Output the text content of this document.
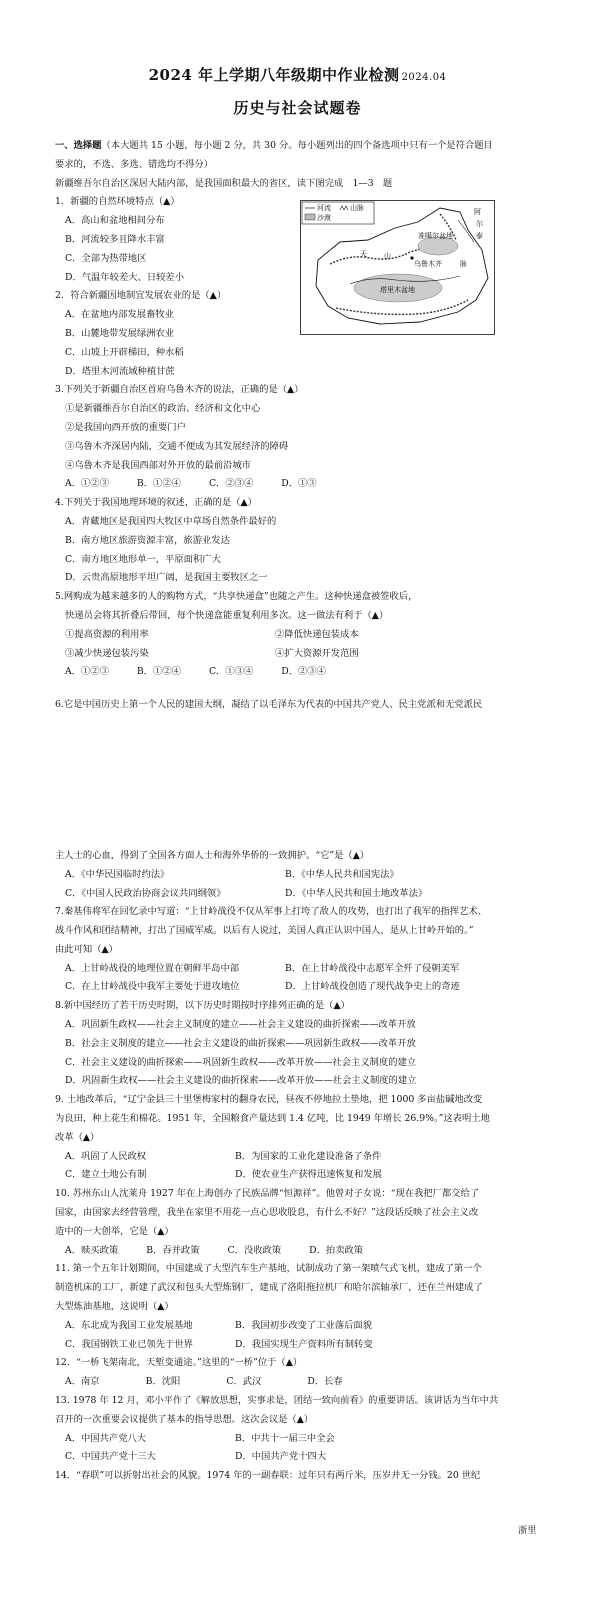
2024 年上学期八年级期中作业检测 2024.04
历史与社会试题卷
河流	山脉
沙漠
阿
尔
泰
准噶尔盆地
天 山
乌鲁木齐	脉
塔里木盆地
一、选择题（本大题共 15 小题，每小题 2 分，共 30 分。每小题列出的四个备选项中只有一个是符合题目
要求的，不选、多选、错选均不得分）
新疆维吾尔自治区深居大陆内部，是我国面积最大的省区，读下图完成　1—3　题
1．新疆的自然环境特点（▲）
A．高山和盆地相间分布
B．河流较多且降水丰富
C．全部为热带地区
D．气温年较差大、日较差小
2．符合新疆因地制宜发展农业的是（▲）
A．在盆地内部发展畜牧业
B．山麓地带发展绿洲农业
C．山坡上开辟梯田，种水稻
D．塔里木河流域种植甘蔗
3.下列关于新疆自治区首府乌鲁木齐的说法，正确的是（▲）
①是新疆维吾尔自治区的政治、经济和文化中心
②是我国向西开放的重要门户
③乌鲁木齐深居内陆，交通不便成为其发展经济的障碍
④乌鲁木齐是我国西部对外开放的最前沿城市
A．①②③	B．①②④	C．②③④	D．①③
4.下列关于我国地理环境的叙述，正确的是（▲）
A．青藏地区是我国四大牧区中草场自然条件最好的
B．南方地区旅游资源丰富，旅游业发达
C．南方地区地形单一，平原面积广大
D．云贵高原地形平坦广阔，是我国主要牧区之一
5.网购成为越来越多的人的购物方式，“共享快递盒”也随之产生。这种快递盒被签收后，
快递员会将其折叠后带回，每个快递盒能重复利用多次。这一做法有利于（▲）
①提高资源的利用率	②降低快递包装成本
③减少快递包装污染	④扩大资源开发范围
A．①②③	B．①②④	C．①③④	D．②③④
6.它是中国历史上第一个人民的建国大纲，凝结了以毛泽东为代表的中国共产党人、民主党派和无党派民
主人士的心血，得到了全国各方面人士和海外华侨的一致拥护。“它”是（▲）
A．《中华民国临时约法》	B．《中华人民共和国宪法》
C．《中国人民政治协商会议共同纲领》	D．《中华人民共和国土地改革法》
7.秦基伟将军在回忆录中写道：“上甘岭战役不仅从军事上打垮了敌人的攻势，也打出了我军的指挥艺术、
战斗作风和团结精神，打出了国威军威。以后有人说过，美国人真正认识中国人，是从上甘岭开始的。”
由此可知（▲）
A．上甘岭战役的地理位置在朝鲜半岛中部	B．在上甘岭战役中志愿军全歼了侵朝美军
C．在上甘岭战役中我军主要处于进攻地位	D．上甘岭战役创造了现代战争史上的奇迹
8.新中国经历了若干历史时期，以下历史时期按时序排列正确的是（▲）
A．巩固新生政权——社会主义制度的建立——社会主义建设的曲折探索——改革开放
B．社会主义制度的建立——社会主义建设的曲折探索——巩固新生政权——改革开放
C．社会主义建设的曲折探索——巩固新生政权——改革开放——社会主义制度的建立
D．巩固新生政权——社会主义建设的曲折探索——改革开放——社会主义制度的建立
9. 土地改革后，“辽宁金县三十里堡梅家村的翻身农民，昼夜不停地拉土垫地，把 1000 多亩盐碱地改变
为良田，种上花生和棉花。1951 年，全国粮食产量达到 1.4 亿吨，比 1949 年增长 26.9%。”这表明土地
改革（▲）
A．巩固了人民政权	B．为国家的工业化建设准备了条件
C．建立土地公有制	D．使农业生产获得迅速恢复和发展
10. 苏州东山人沈莱舟 1927 年在上海创办了民族品牌“恒源祥”。他曾对子女说：“现在我把厂都交给了
国家，由国家去经营管理，我坐在家里不用花一点心思收股息，有什么不好？”这段话反映了社会主义改
造中的一大创举，它是（▲）
A．赎买政策	B．吞并政策	C．没收政策	D．拍卖政策
11. 第一个五年计划期间，中国建成了大型汽车生产基地，试制成功了第一架喷气式飞机，建成了第一个
制造机床的工厂，新建了武汉和包头大型炼钢厂，建成了洛阳拖拉机厂和哈尔滨轴承厂，还在兰州建成了
大型炼油基地，这说明（▲）
A．东北成为我国工业发展基地	B．我国初步改变了工业落后面貌
C．我国钢铁工业已领先于世界	D．我国实现生产资料所有制转变
12．“一桥飞架南北，天堑变通途。”这里的“一桥”位于（▲）
A．南京	B．沈阳	C．武汉	D．长春
13. 1978 年 12 月，邓小平作了《解放思想，实事求是，团结一致向前看》的重要讲话。该讲话为当年中共
召开的一次重要会议提供了基本的指导思想。这次会议是（▲）
A．中国共产党八大	B．中共十一届三中全会
C．中国共产党十三大	D．中国共产党十四大
14．“春联”可以折射出社会的风貌。1974 年的一副春联：过年只有两斤米，压岁并无一分钱。20 世纪
浙里
